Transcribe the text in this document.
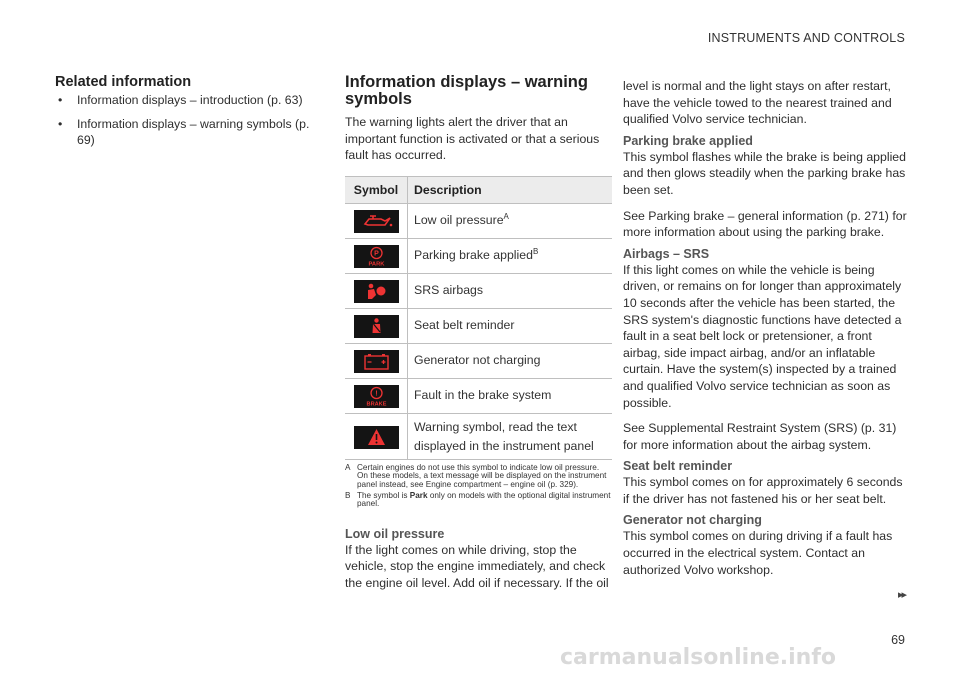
INSTRUMENTS AND CONTROLS
Related information
• Information displays – introduction (p. 63)
• Information displays – warning symbols (p. 69)
Information displays – warning symbols

The warning lights alert the driver that an important function is activated or that a serious fault has occurred.

Symbol	Description

	Low oil pressure$^A$

P
PARK	Parking brake applied$^B$

	SRS airbags

	Seat belt reminder

	Generator not charging

!
BRAKE	Fault in the brake system

	Warning symbol, read the text displayed in the instrument panel
A Certain engines do not use this symbol to indicate low oil pressure. On these models, a text message will be displayed on the instrument panel instead, see Engine compartment – engine oil (p. 329).
B The symbol is Park only on models with the optional digital instrument panel.
Low oil pressure

If the light comes on while driving, stop the vehicle, stop the engine immediately, and check the engine oil level. Add oil if necessary. If the oil

level is normal and the light stays on after restart, have the vehicle towed to the nearest trained and qualified Volvo service technician.

Parking brake applied

This symbol flashes while the brake is being applied and then glows steadily when the parking brake has been set.

See Parking brake – general information (p. 271) for more information about using the parking brake.

Airbags – SRS

If this light comes on while the vehicle is being driven, or remains on for longer than approximately 10 seconds after the vehicle has been started, the SRS system's diagnostic functions have detected a fault in a seat belt lock or pretensioner, a front airbag, side impact airbag, and/or an inflatable curtain. Have the system(s) inspected by a trained and qualified Volvo service technician as soon as possible.

See Supplemental Restraint System (SRS) (p. 31) for more information about the airbag system.

Seat belt reminder

This symbol comes on for approximately 6 seconds if the driver has not fastened his or her seat belt.

Generator not charging

This symbol comes on during driving if a fault has occurred in the electrical system. Contact an authorized Volvo workshop.

▸▸
69
carmanualsonline.info
